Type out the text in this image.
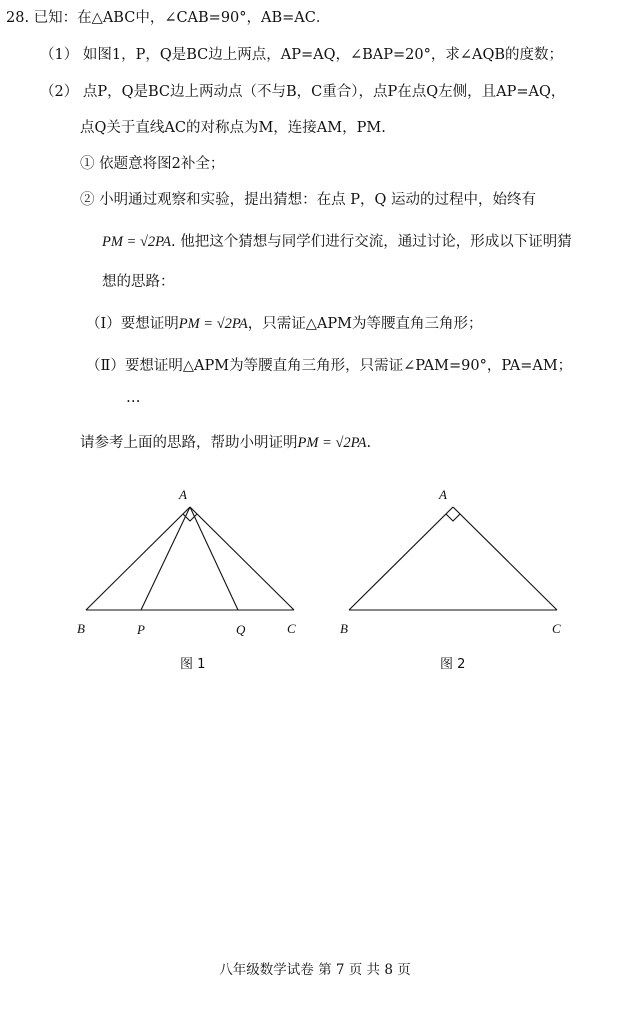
28. 已知：在△ABC中，∠CAB=90°，AB=AC．
（1） 如图1，P，Q是BC边上两点，AP=AQ，∠BAP=20°，求∠AQB的度数；
（2） 点P，Q是BC边上两动点（不与B，C重合），点P在点Q左侧，且AP=AQ，
点Q关于直线AC的对称点为M，连接AM，PM.
① 依题意将图2补全；
② 小明通过观察和实验，提出猜想：在点 P，Q 运动的过程中，始终有
PM = √2PA. 他把这个猜想与同学们进行交流，通过讨论，形成以下证明猜
想的思路：
（Ⅰ）要想证明PM = √2PA，只需证△APM为等腰直角三角形；
（Ⅱ）要想证明△APM为等腰直角三角形，只需证∠PAM=90°，PA=AM；
…
请参考上面的思路，帮助小明证明PM = √2PA.
A
B	P	Q	C
图 1
A
B	C
图 2
八年级数学试卷 第 7 页 共 8 页
